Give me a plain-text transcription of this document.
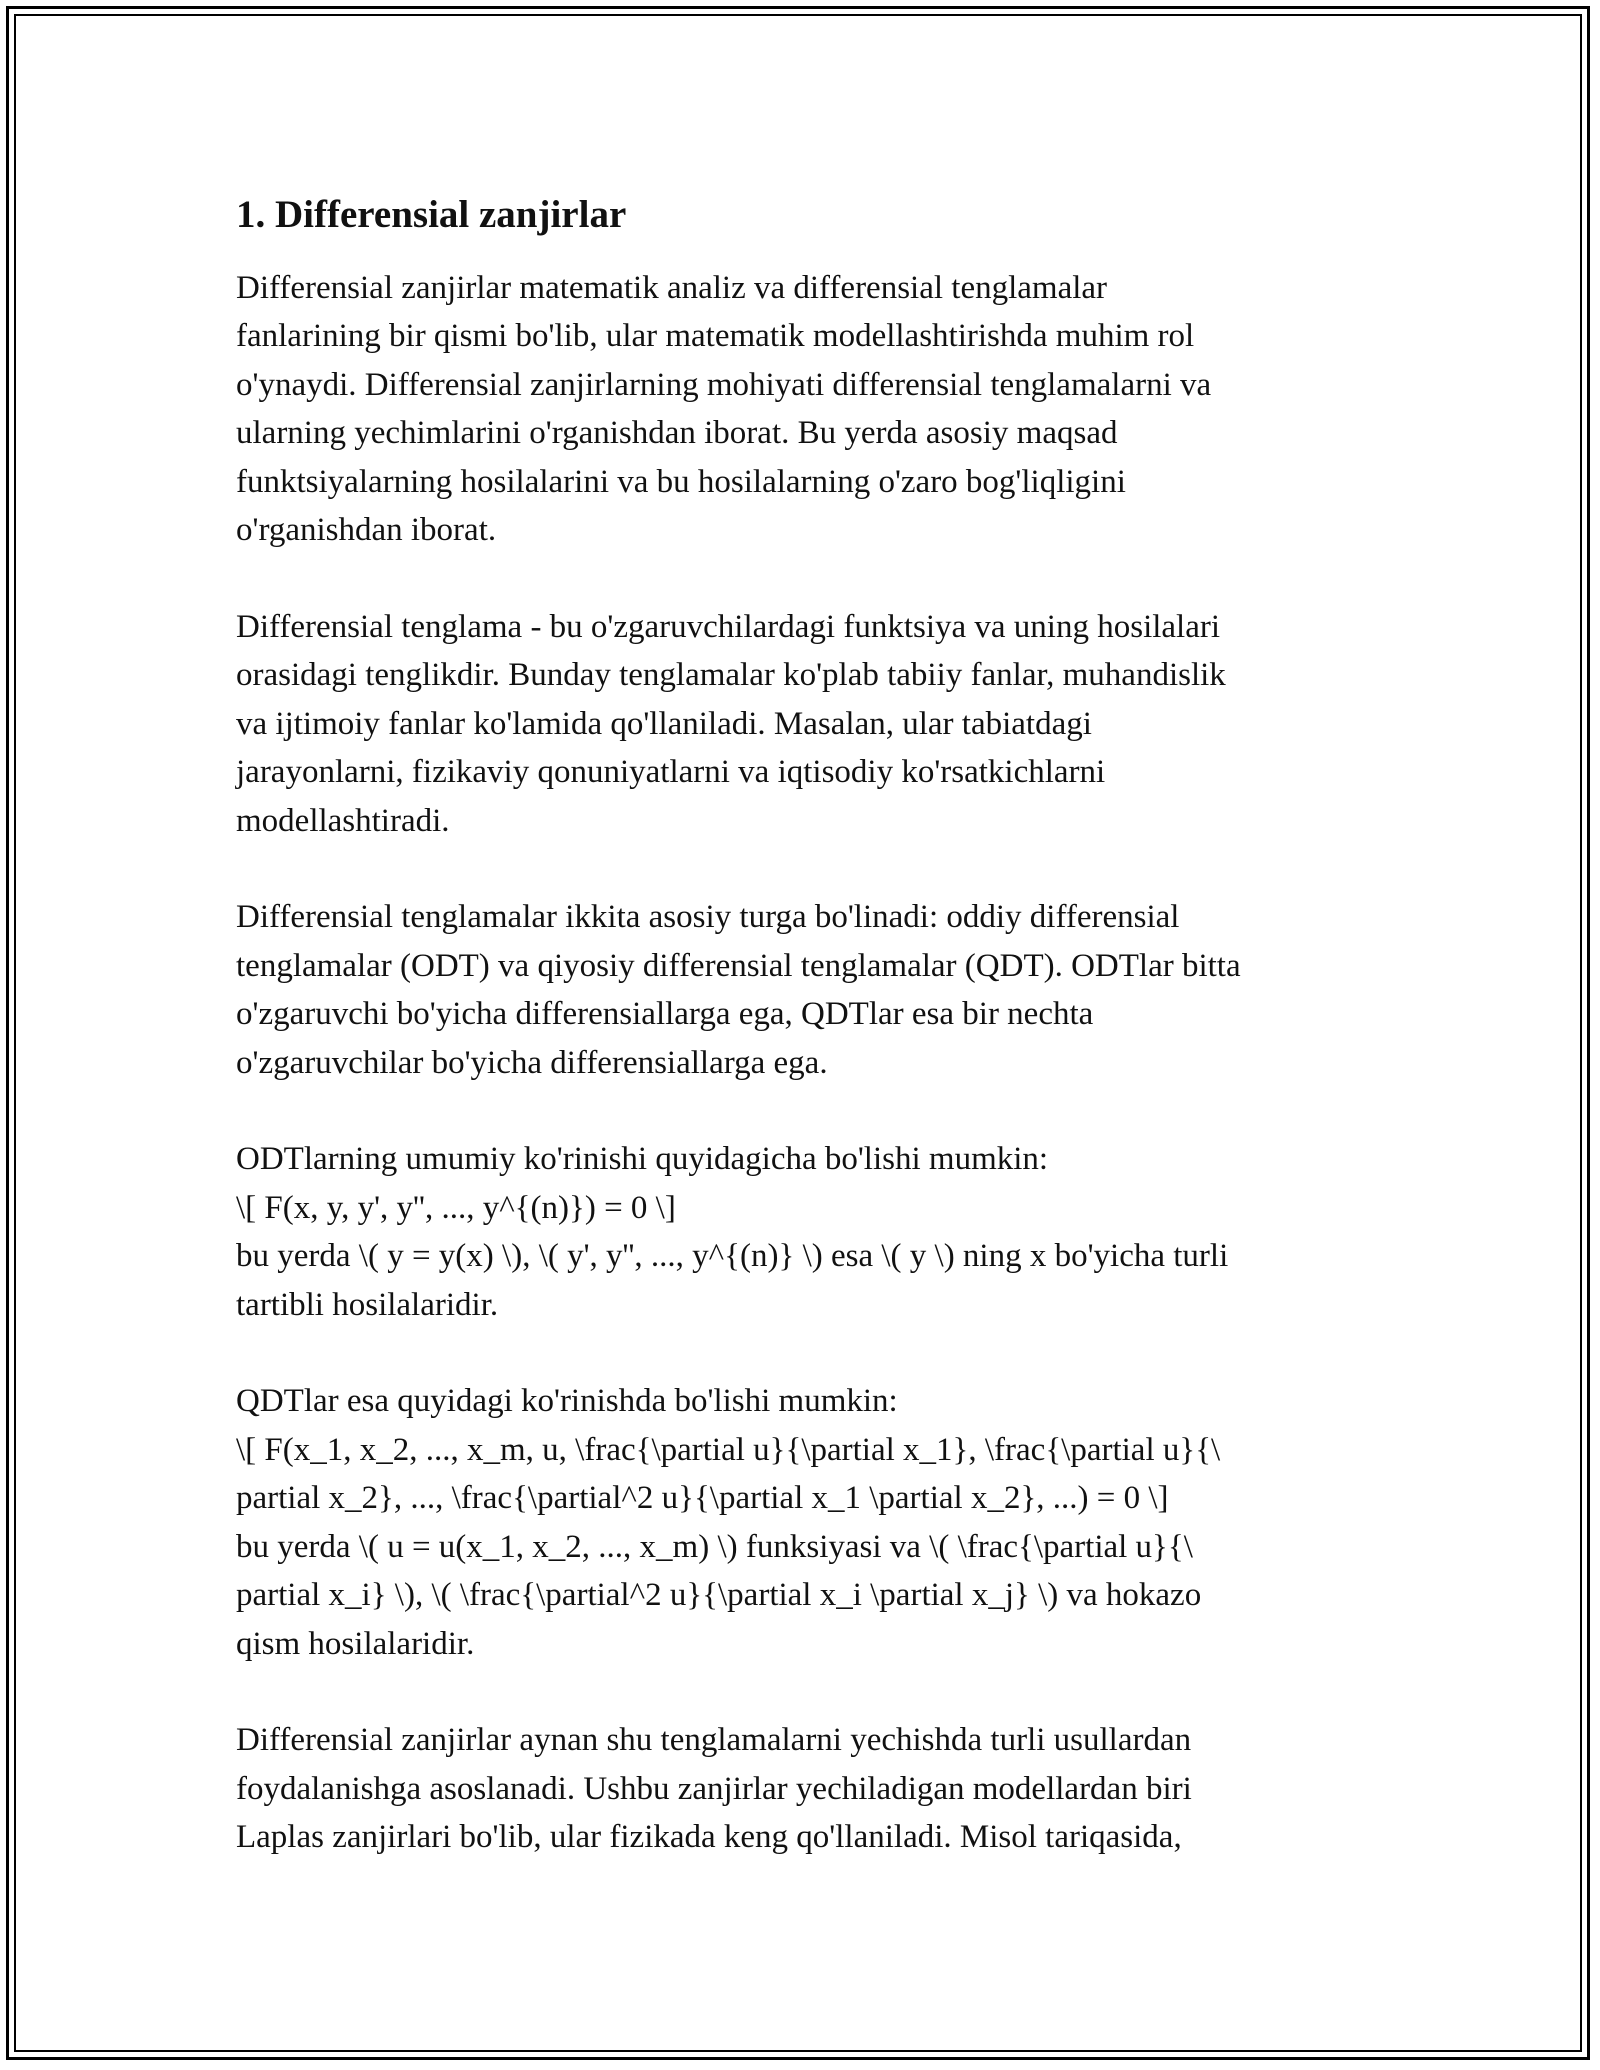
1. Differensial zanjirlar
Differensial zanjirlar matematik analiz va differensial tenglamalar
fanlarining bir qismi bo'lib, ular matematik modellashtirishda muhim rol
o'ynaydi. Differensial zanjirlarning mohiyati differensial tenglamalarni va
ularning yechimlarini o'rganishdan iborat. Bu yerda asosiy maqsad
funktsiyalarning hosilalarini va bu hosilalarning o'zaro bog'liqligini
o'rganishdan iborat.
Differensial tenglama - bu o'zgaruvchilardagi funktsiya va uning hosilalari
orasidagi tenglikdir. Bunday tenglamalar ko'plab tabiiy fanlar, muhandislik
va ijtimoiy fanlar ko'lamida qo'llaniladi. Masalan, ular tabiatdagi
jarayonlarni, fizikaviy qonuniyatlarni va iqtisodiy ko'rsatkichlarni
modellashtiradi.
Differensial tenglamalar ikkita asosiy turga bo'linadi: oddiy differensial
tenglamalar (ODT) va qiyosiy differensial tenglamalar (QDT). ODTlar bitta
o'zgaruvchi bo'yicha differensiallarga ega, QDTlar esa bir nechta
o'zgaruvchilar bo'yicha differensiallarga ega.
ODTlarning umumiy ko'rinishi quyidagicha bo'lishi mumkin:
\[ F(x, y, y', y'', ..., y^{(n)}) = 0 \]
bu yerda \( y = y(x) \), \( y', y'', ..., y^{(n)} \) esa \( y \) ning x bo'yicha turli
tartibli hosilalaridir.
QDTlar esa quyidagi ko'rinishda bo'lishi mumkin:
\[ F(x_1, x_2, ..., x_m, u, \frac{\partial u}{\partial x_1}, \frac{\partial u}{\
partial x_2}, ..., \frac{\partial^2 u}{\partial x_1 \partial x_2}, ...) = 0 \]
bu yerda \( u = u(x_1, x_2, ..., x_m) \) funksiyasi va \( \frac{\partial u}{\
partial x_i} \), \( \frac{\partial^2 u}{\partial x_i \partial x_j} \) va hokazo
qism hosilalaridir.
Differensial zanjirlar aynan shu tenglamalarni yechishda turli usullardan
foydalanishga asoslanadi. Ushbu zanjirlar yechiladigan modellardan biri
Laplas zanjirlari bo'lib, ular fizikada keng qo'llaniladi. Misol tariqasida,
